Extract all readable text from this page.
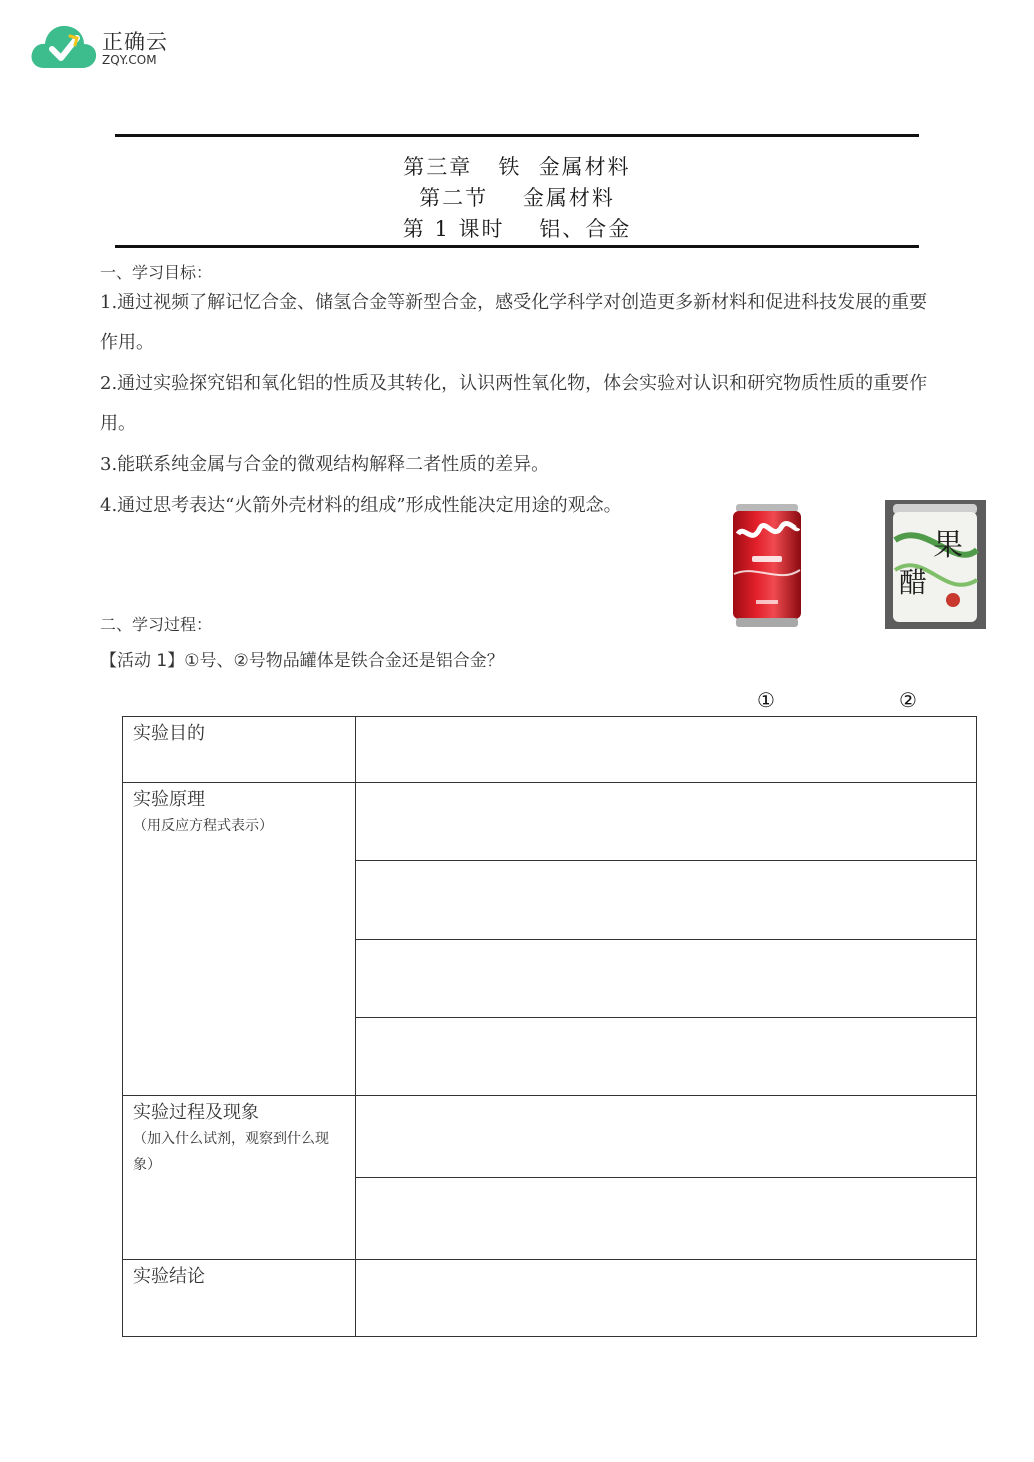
正确云
ZQY.COM
第三章   铁  金属材料
第二节    金属材料
第 1 课时    铝、合金
一、学习目标：
1.通过视频了解记忆合金、储氢合金等新型合金，感受化学科学对创造更多新材料和促进科技发展的重要作用。
2.通过实验探究铝和氧化铝的性质及其转化，认识两性氧化物，体会实验对认识和研究物质性质的重要作用。
3.能联系纯金属与合金的微观结构解释二者性质的差异。
4.通过思考表达“火箭外壳材料的组成”形成性能决定用途的观念。
果
醋
二、学习过程：
【活动 1】①号、②号物品罐体是铁合金还是铝合金？
①	②
实验目的	

实验原理
（用反应方程式表示）	

实验过程及现象
（加入什么试剂，观察到什么现象）	

实验结论	
